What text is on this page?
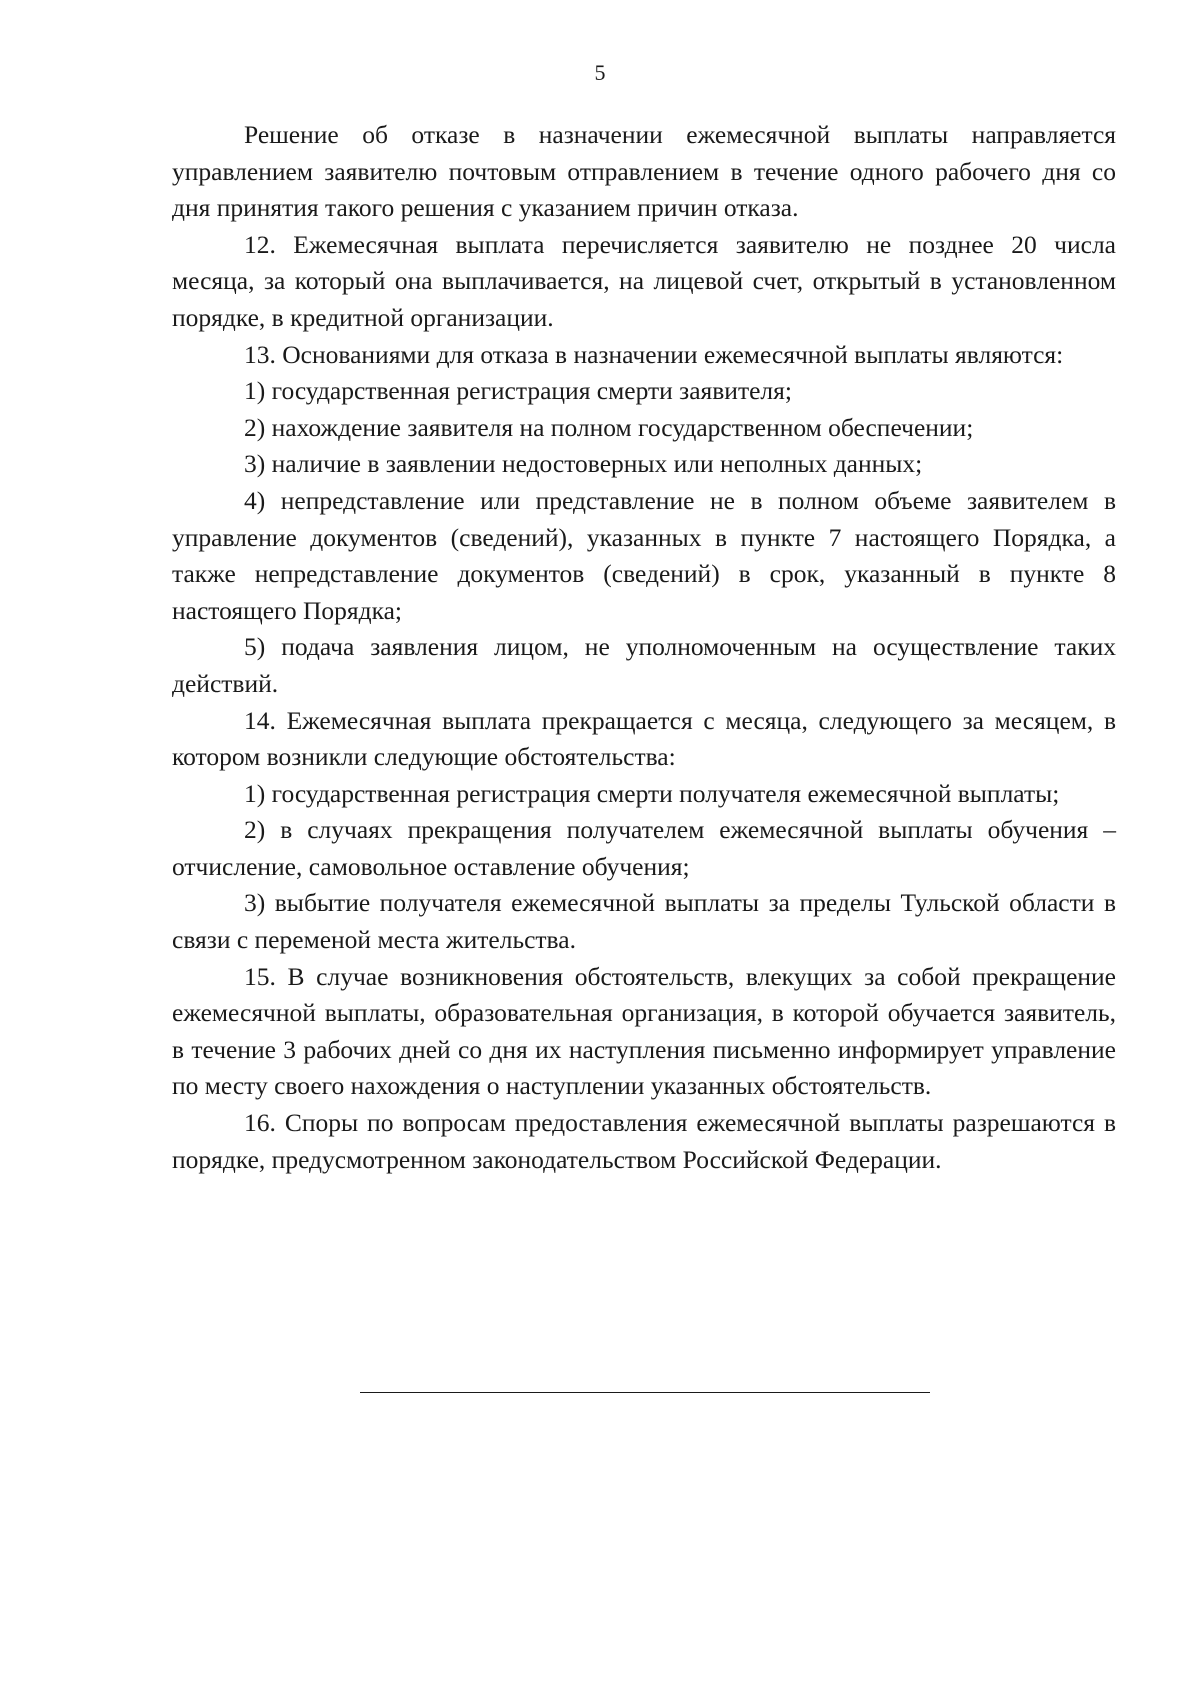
5

Решение об отказе в назначении ежемесячной выплаты направляется управлением заявителю почтовым отправлением в течение одного рабочего дня со дня принятия такого решения с указанием причин отказа.

12. Ежемесячная выплата перечисляется заявителю не позднее 20 числа месяца, за который она выплачивается, на лицевой счет, открытый в установленном порядке, в кредитной организации.

13. Основаниями для отказа в назначении ежемесячной выплаты являются:

1) государственная регистрация смерти заявителя;

2) нахождение заявителя на полном государственном обеспечении;

3) наличие в заявлении недостоверных или неполных данных;

4) непредставление или представление не в полном объеме заявителем в управление документов (сведений), указанных в пункте 7 настоящего Порядка, а также непредставление документов (сведений) в срок, указанный в пункте 8 настоящего Порядка;

5) подача заявления лицом, не уполномоченным на осуществление таких действий.

14. Ежемесячная выплата прекращается с месяца, следующего за месяцем, в котором возникли следующие обстоятельства:

1) государственная регистрация смерти получателя ежемесячной выплаты;

2) в случаях прекращения получателем ежемесячной выплаты обучения – отчисление, самовольное оставление обучения;

3) выбытие получателя ежемесячной выплаты за пределы Тульской области в связи с переменой места жительства.

15. В случае возникновения обстоятельств, влекущих за собой прекращение ежемесячной выплаты, образовательная организация, в которой обучается заявитель, в течение 3 рабочих дней со дня их наступления письменно информирует управление по месту своего нахождения о наступлении указанных обстоятельств.

16. Споры по вопросам предоставления ежемесячной выплаты разрешаются в порядке, предусмотренном законодательством Российской Федерации.
